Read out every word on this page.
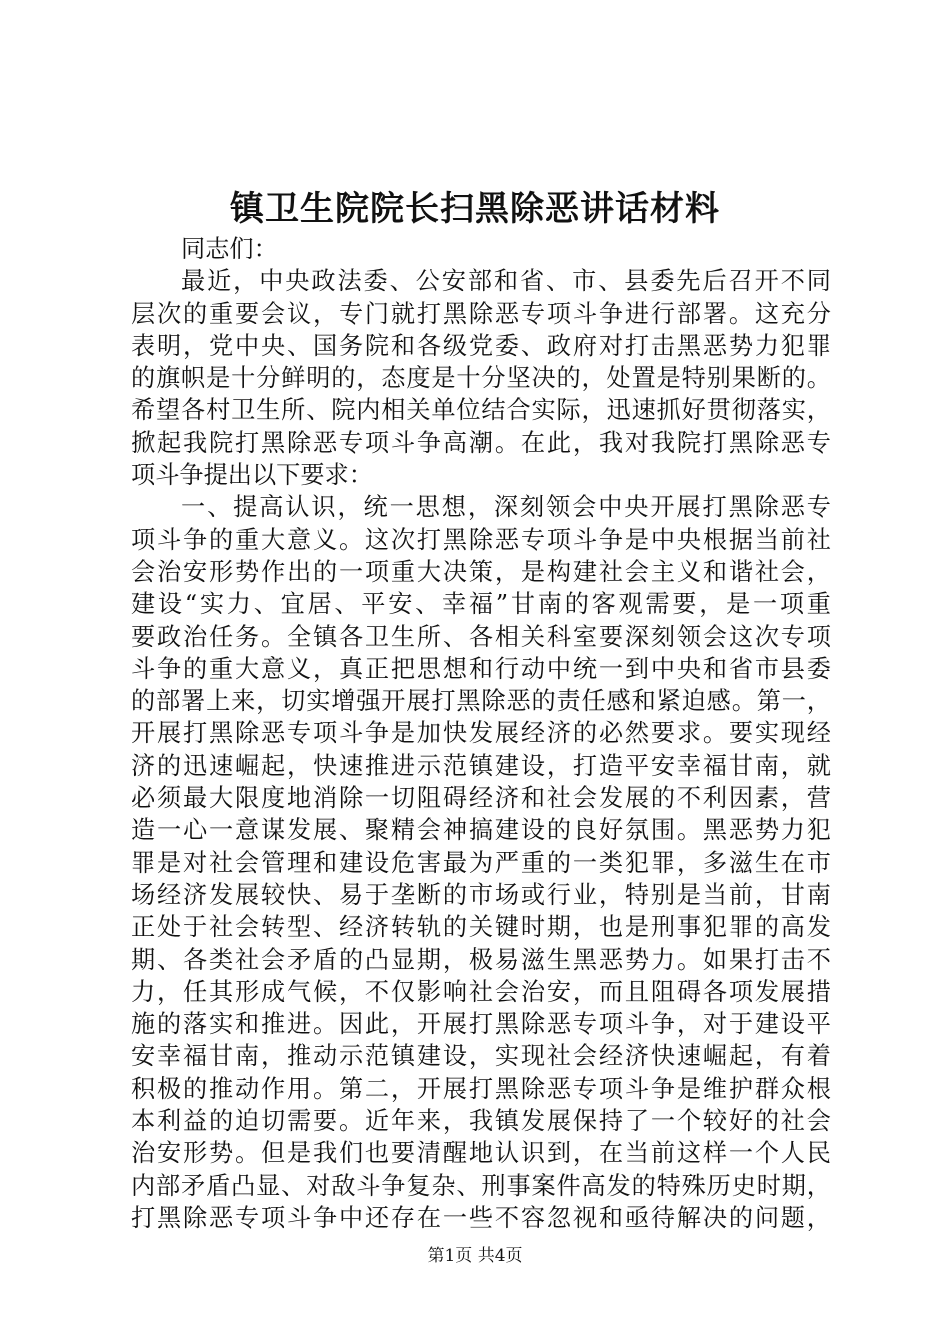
镇卫生院院长扫黑除恶讲话材料
同志们：
最近，中央政法委、公安部和省、市、县委先后召开不同
层次的重要会议，专门就打黑除恶专项斗争进行部署。这充分
表明，党中央、国务院和各级党委、政府对打击黑恶势力犯罪
的旗帜是十分鲜明的，态度是十分坚决的，处置是特别果断的。
希望各村卫生所、院内相关单位结合实际，迅速抓好贯彻落实，
掀起我院打黑除恶专项斗争高潮。在此，我对我院打黑除恶专
项斗争提出以下要求：
一、提高认识，统一思想，深刻领会中央开展打黑除恶专
项斗争的重大意义。这次打黑除恶专项斗争是中央根据当前社
会治安形势作出的一项重大决策，是构建社会主义和谐社会，
建设“实力、宜居、平安、幸福”甘南的客观需要，是一项重
要政治任务。全镇各卫生所、各相关科室要深刻领会这次专项
斗争的重大意义，真正把思想和行动中统一到中央和省市县委
的部署上来，切实增强开展打黑除恶的责任感和紧迫感。第一，
开展打黑除恶专项斗争是加快发展经济的必然要求。要实现经
济的迅速崛起，快速推进示范镇建设，打造平安幸福甘南，就
必须最大限度地消除一切阻碍经济和社会发展的不利因素，营
造一心一意谋发展、聚精会神搞建设的良好氛围。黑恶势力犯
罪是对社会管理和建设危害最为严重的一类犯罪，多滋生在市
场经济发展较快、易于垄断的市场或行业，特别是当前，甘南
正处于社会转型、经济转轨的关键时期，也是刑事犯罪的高发
期、各类社会矛盾的凸显期，极易滋生黑恶势力。如果打击不
力，任其形成气候，不仅影响社会治安，而且阻碍各项发展措
施的落实和推进。因此，开展打黑除恶专项斗争，对于建设平
安幸福甘南，推动示范镇建设，实现社会经济快速崛起，有着
积极的推动作用。第二，开展打黑除恶专项斗争是维护群众根
本利益的迫切需要。近年来，我镇发展保持了一个较好的社会
治安形势。但是我们也要清醒地认识到，在当前这样一个人民
内部矛盾凸显、对敌斗争复杂、刑事案件高发的特殊历史时期，
打黑除恶专项斗争中还存在一些不容忽视和亟待解决的问题，
第1页 共4页
